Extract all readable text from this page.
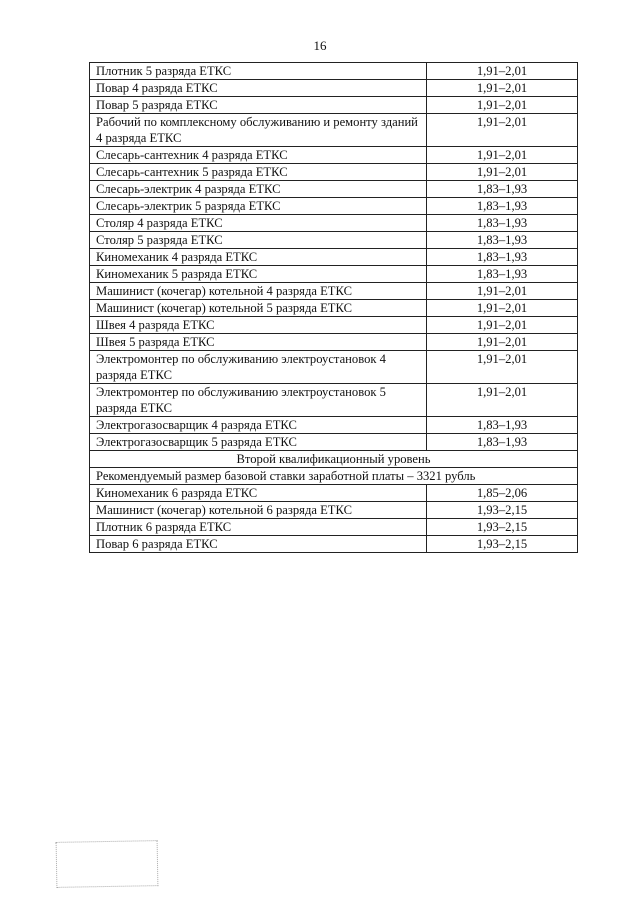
16
Плотник 5 разряда ЕТКС	1,91–2,01
Повар 4 разряда ЕТКС	1,91–2,01
Повар 5 разряда ЕТКС	1,91–2,01
Рабочий по комплексному обслуживанию и ремонту зданий 4 разряда ЕТКС	1,91–2,01
Слесарь-сантехник 4 разряда ЕТКС	1,91–2,01
Слесарь-сантехник 5 разряда ЕТКС	1,91–2,01
Слесарь-электрик 4 разряда ЕТКС	1,83–1,93
Слесарь-электрик 5 разряда ЕТКС	1,83–1,93
Столяр 4 разряда ЕТКС	1,83–1,93
Столяр 5 разряда ЕТКС	1,83–1,93
Киномеханик 4 разряда ЕТКС	1,83–1,93
Киномеханик 5 разряда ЕТКС	1,83–1,93
Машинист (кочегар) котельной 4 разряда ЕТКС	1,91–2,01
Машинист (кочегар) котельной 5 разряда ЕТКС	1,91–2,01
Швея 4 разряда ЕТКС	1,91–2,01
Швея 5 разряда ЕТКС	1,91–2,01
Электромонтер по обслуживанию электроустановок 4 разряда ЕТКС	1,91–2,01
Электромонтер по обслуживанию электроустановок 5 разряда ЕТКС	1,91–2,01
Электрогазосварщик 4 разряда ЕТКС	1,83–1,93
Электрогазосварщик 5 разряда ЕТКС	1,83–1,93
Второй квалификационный уровень	
Рекомендуемый размер базовой ставки заработной платы – 3321 рубль	
Киномеханик 6 разряда ЕТКС	1,85–2,06
Машинист (кочегар) котельной 6 разряда ЕТКС	1,93–2,15
Плотник 6 разряда ЕТКС	1,93–2,15
Повар 6 разряда ЕТКС	1,93–2,15
